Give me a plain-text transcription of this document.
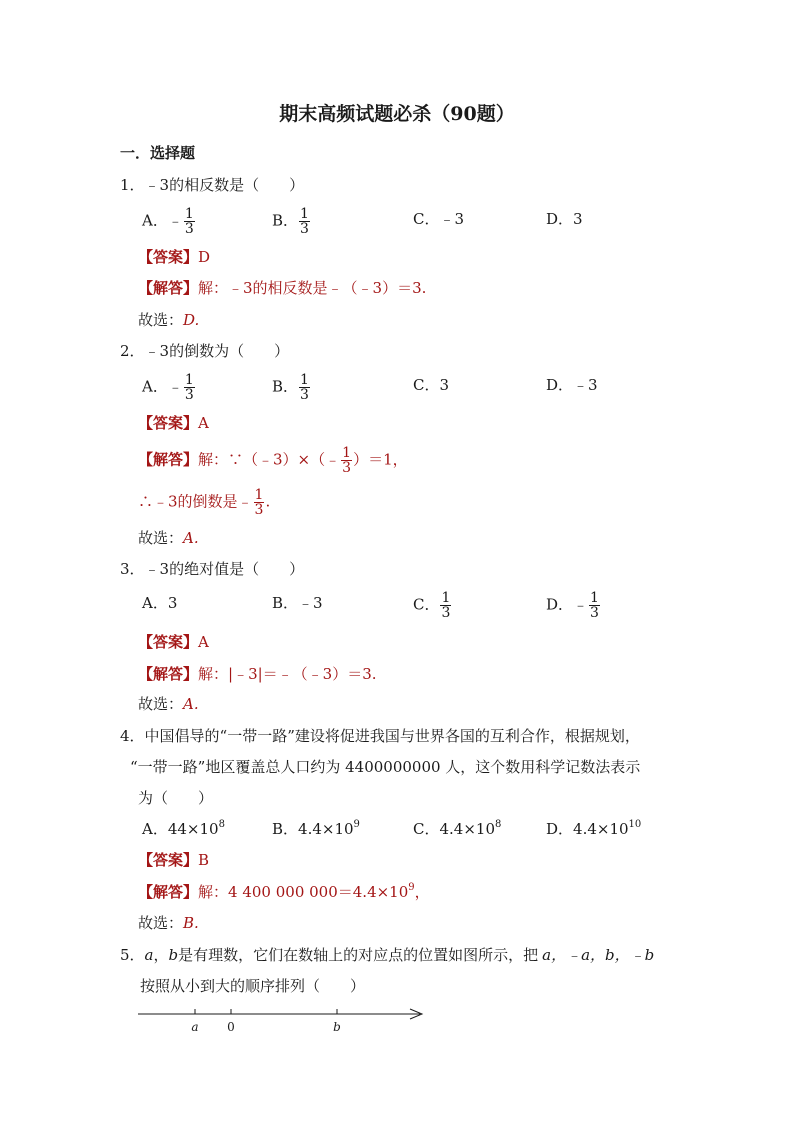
期末高频试题必杀（90题）
一．选择题
1．﹣3的相反数是（　　）
A．﹣ $\frac{1}{3}$	B． $\frac{1}{3}$	C．﹣3	D．3
【答案】D
【解答】解：﹣3的相反数是﹣（﹣3）＝3.
故选：D.
2．﹣3的倒数为（　　）
A．﹣ $\frac{1}{3}$	B． $\frac{1}{3}$	C．3	D．﹣3
【答案】A
【解答】解：∵（﹣3）×（﹣ $\frac{1}{3} )=1$，
∴﹣3的倒数是﹣ $\frac{1}{3}$ .
故选：A.
3．﹣3的绝对值是（　　）
A．3	B．﹣3	C． $\frac{1}{3}$	D．﹣ $\frac{1}{3}$
【答案】A
【解答】解：|﹣3|＝﹣（﹣3）＝3.
故选：A.
4．中国倡导的“一带一路”建设将促进我国与世界各国的互利合作，根据规划，
“一带一路”地区覆盖总人口约为 4400000000 人，这个数用科学记数法表示
为（　　）
A．$44\times 10^8$	B．$4.4\times 10^9$	C．$4.4\times 10^8$	D．$4.4\times 10^{10}$
【答案】B
【解答】解：4 400 000 $000=4.4\times 10^9$，
故选：B.
5．a，b是有理数，它们在数轴上的对应点的位置如图所示，把 a，﹣a，b，﹣b
按照从小到大的顺序排列（　　）
a 0	b
